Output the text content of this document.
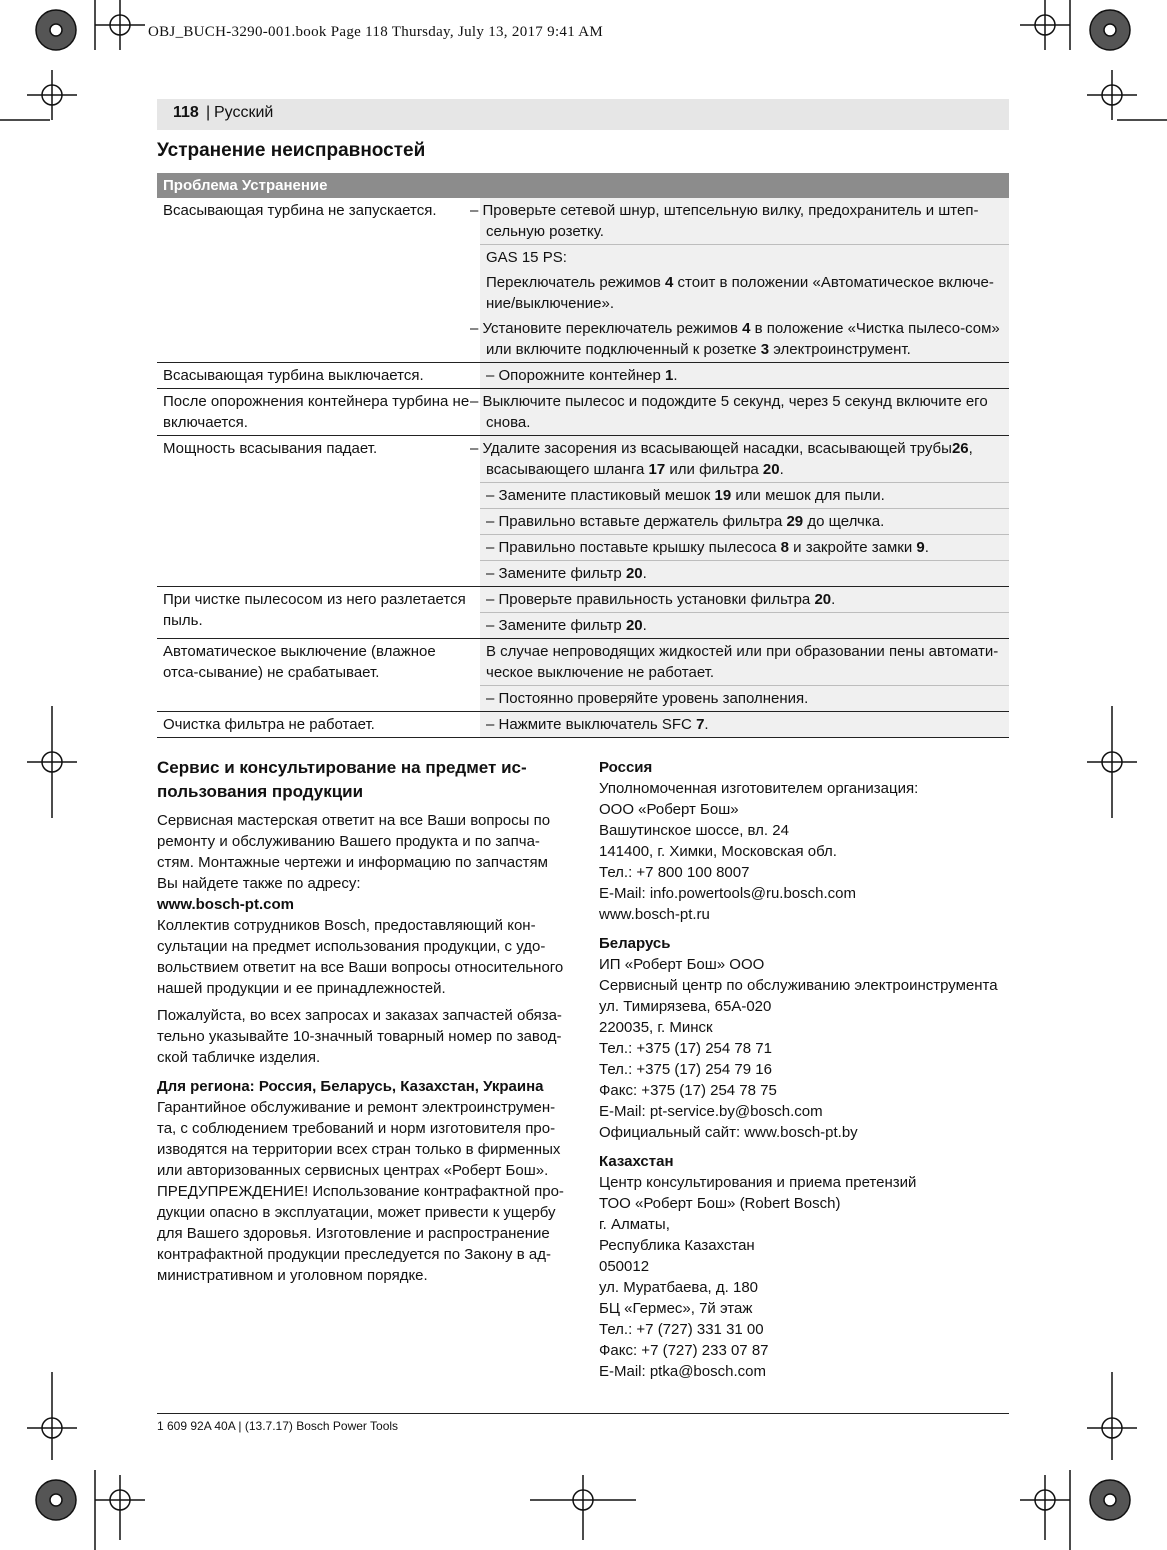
OBJ_BUCH-3290-001.book Page 118 Thursday, July 13, 2017 9:41 AM
118 | Русский
Устранение неисправностей
Проблема Устранение	
Всасывающая турбина не запускается.	– Проверьте сетевой шнур, штепсельную вилку, предохранитель и штеп-сельную розетку.
	GAS 15 PS:
	Переключатель режимов 4 стоит в положении «Автоматическое включе-ние/выключение».
	– Установите переключатель режимов 4 в положение «Чистка пылесо-сом» или включите подключенный к розетке 3 электроинструмент.
Всасывающая турбина выключается.	– Опорожните контейнер 1.
После опорожнения контейнера турбина не включается.	– Выключите пылесос и подождите 5 секунд, через 5 секунд включите его снова.
Мощность всасывания падает.	– Удалите засорения из всасывающей насадки, всасывающей трубы26, всасывающего шланга 17 или фильтра 20.
	– Замените пластиковый мешок 19 или мешок для пыли.
	– Правильно вставьте держатель фильтра 29 до щелчка.
	– Правильно поставьте крышку пылесоса 8 и закройте замки 9.
	– Замените фильтр 20.
При чистке пылесосом из него разлетается пыль.	– Проверьте правильность установки фильтра 20.
	– Замените фильтр 20.
Автоматическое выключение (влажное отса-сывание) не срабатывает.	В случае непроводящих жидкостей или при образовании пены автомати-ческое выключение не работает.
	– Постоянно проверяйте уровень заполнения.
Очистка фильтра не работает.	– Нажмите выключатель SFC 7.
Сервис и консультирование на предмет ис-пользования продукции

Сервисная мастерская ответит на все Ваши вопросы по ремонту и обслуживанию Вашего продукта и по запча-стям. Монтажные чертежи и информацию по запчастям Вы найдете также по адресу:

www.bosch-pt.com

Коллектив сотрудников Bosch, предоставляющий кон-сультации на предмет использования продукции, с удо-вольствием ответит на все Ваши вопросы относительного нашей продукции и ее принадлежностей.

Пожалуйста, во всех запросах и заказах запчастей обяза-тельно указывайте 10-значный товарный номер по завод-ской табличке изделия.

Для региона: Россия, Беларусь, Казахстан, Украина

Гарантийное обслуживание и ремонт электроинструмен-та, с соблюдением требований и норм изготовителя про-изводятся на территории всех стран только в фирменных или авторизованных сервисных центрах «Роберт Бош». ПРЕДУПРЕЖДЕНИЕ! Использование контрафактной про-дукции опасно в эксплуатации, может привести к ущербу для Вашего здоровья. Изготовление и распространение контрафактной продукции преследуется по Закону в ад-министративном и уголовном порядке.

Россия
Уполномоченная изготовителем организация:
ООО «Роберт Бош»
Вашутинское шоссе, вл. 24
141400, г. Химки, Московская обл.
Тел.: +7 800 100 8007
E-Mail: info.powertools@ru.bosch.com
www.bosch-pt.ru
Беларусь
ИП «Роберт Бош» ООО
Сервисный центр по обслуживанию электроинструмента
ул. Тимирязева, 65А-020
220035, г. Минск
Тел.: +375 (17) 254 78 71
Тел.: +375 (17) 254 79 16
Факс: +375 (17) 254 78 75
E-Mail: pt-service.by@bosch.com
Официальный сайт: www.bosch-pt.by
Казахстан
Центр консультирования и приема претензий
ТОО «Роберт Бош» (Robert Bosch)
г. Алматы,
Республика Казахстан
050012
ул. Муратбаева, д. 180
БЦ «Гермес», 7й этаж
Тел.: +7 (727) 331 31 00
Факс: +7 (727) 233 07 87
E-Mail: ptka@bosch.com
1 609 92A 40A | (13.7.17) Bosch Power Tools
